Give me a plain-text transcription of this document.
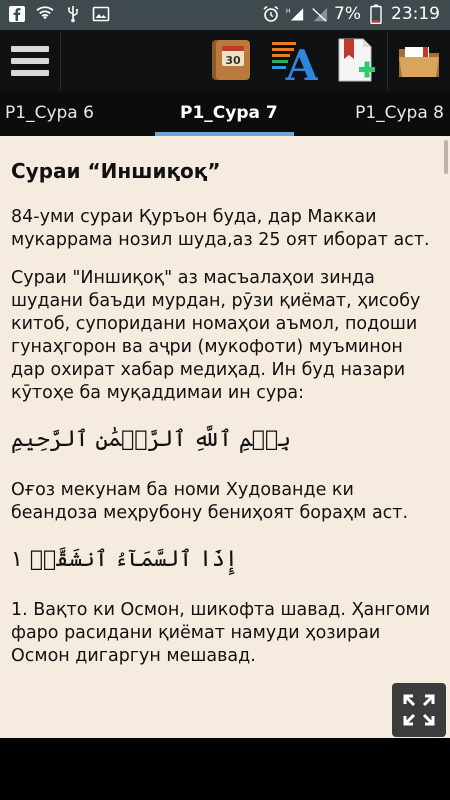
H	7% 23:19
30 A
P1_Сура 6	P1_Сура 7	P1_Сура 8

Сураи “Иншиқоқ”

84-уми сураи Қуръон буда, дар Маккаи мукаррама нозил шуда,аз 25 оят иборат аст.

Сураи "Иншиқоқ" аз масъалаҳои зинда шудани баъди мурдан, рӯзи қиёмат, ҳисобу китоб, супоридани номаҳои аъмол, подоши гунаҳгорон ва аҷри (мукофоти) муъминон дар охират хабар медиҳад. Ин буд назари кӯтоҳе ба муқаддимаи ин сура:

بِسۡمِ ٱللَّهِ ٱلرَّحۡمَٰنِ ٱلرَّحِيمِ

Оғоз мекунам ба номи Худованде ки беандоза меҳрубону бениҳоят бораҳм аст.

إِذَا ٱلسَّمَآءُ ٱنشَقَّتۡ ١

1. Вақто ки Осмон, шикофта шавад. Ҳангоми фаро расидани қиёмат намуди ҳозираи Осмон дигаргун мешавад.
